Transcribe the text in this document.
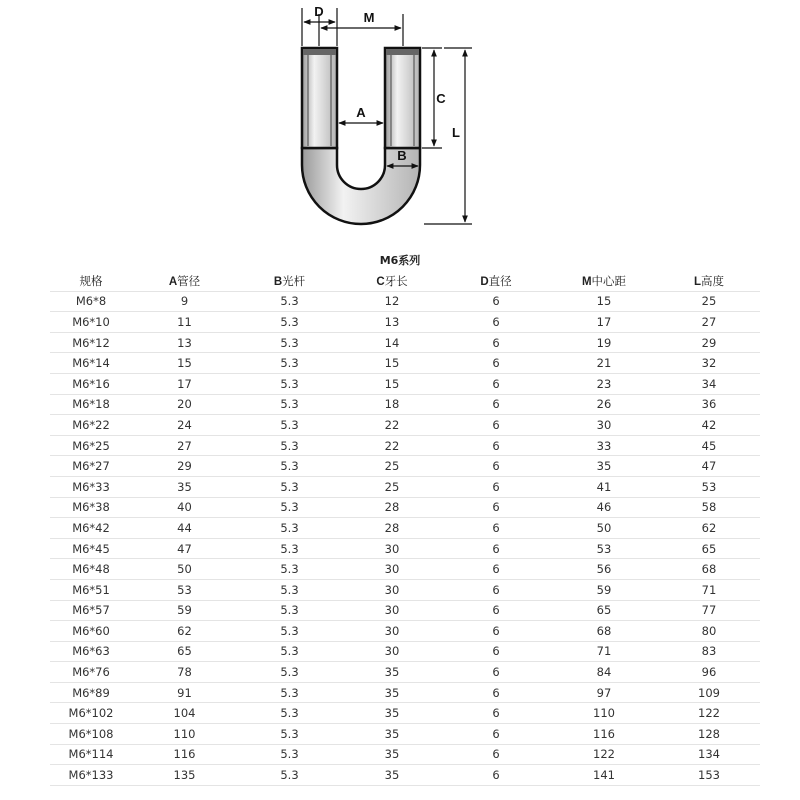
D	M
A
B
C
L
M6系列
规格	A管径	B光杆	C牙长	D直径	M中心距	L高度
M6*8	9	5.3	12	6	15	25
M6*10	11	5.3	13	6	17	27
M6*12	13	5.3	14	6	19	29
M6*14	15	5.3	15	6	21	32
M6*16	17	5.3	15	6	23	34
M6*18	20	5.3	18	6	26	36
M6*22	24	5.3	22	6	30	42
M6*25	27	5.3	22	6	33	45
M6*27	29	5.3	25	6	35	47
M6*33	35	5.3	25	6	41	53
M6*38	40	5.3	28	6	46	58
M6*42	44	5.3	28	6	50	62
M6*45	47	5.3	30	6	53	65
M6*48	50	5.3	30	6	56	68
M6*51	53	5.3	30	6	59	71
M6*57	59	5.3	30	6	65	77
M6*60	62	5.3	30	6	68	80
M6*63	65	5.3	30	6	71	83
M6*76	78	5.3	35	6	84	96
M6*89	91	5.3	35	6	97	109
M6*102	104	5.3	35	6	110	122
M6*108	110	5.3	35	6	116	128
M6*114	116	5.3	35	6	122	134
M6*133	135	5.3	35	6	141	153
